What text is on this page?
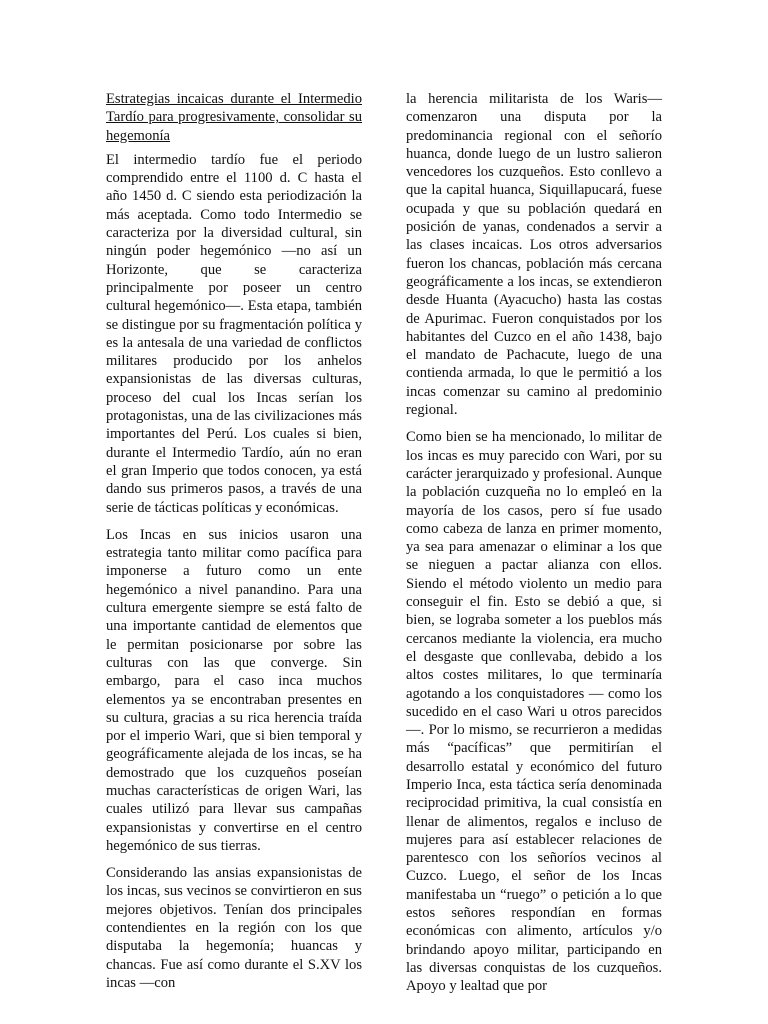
Estrategias incaicas durante el Intermedio Tardío para progresivamente, consolidar su hegemonía

El intermedio tardío fue el periodo comprendido entre el 1100 d. C hasta el año 1450 d. C siendo esta periodización la más aceptada. Como todo Intermedio se caracteriza por la diversidad cultural, sin ningún poder hegemónico —no así un Horizonte, que se caracteriza principalmente por poseer un centro cultural hegemónico—. Esta etapa, también se distingue por su fragmentación política y es la antesala de una variedad de conflictos militares producido por los anhelos expansionistas de las diversas culturas, proceso del cual los Incas serían los protagonistas, una de las civilizaciones más importantes del Perú. Los cuales si bien, durante el Intermedio Tardío, aún no eran el gran Imperio que todos conocen, ya está dando sus primeros pasos, a través de una serie de tácticas políticas y económicas.

Los Incas en sus inicios usaron una estrategia tanto militar como pacífica para imponerse a futuro como un ente hegemónico a nivel panandino. Para una cultura emergente siempre se está falto de una importante cantidad de elementos que le permitan posicionarse por sobre las culturas con las que converge. Sin embargo, para el caso inca muchos elementos ya se encontraban presentes en su cultura, gracias a su rica herencia traída por el imperio Wari, que si bien temporal y geográficamente alejada de los incas, se ha demostrado que los cuzqueños poseían muchas características de origen Wari, las cuales utilizó para llevar sus campañas expansionistas y convertirse en el centro hegemónico de sus tierras.

Considerando las ansias expansionistas de los incas, sus vecinos se convirtieron en sus mejores objetivos. Tenían dos principales contendientes en la región con los que disputaba la hegemonía; huancas y chancas. Fue así como durante el S.XV los incas —con

la herencia militarista de los Waris— comenzaron una disputa por la predominancia regional con el señorío huanca, donde luego de un lustro salieron vencedores los cuzqueños. Esto conllevo a que la capital huanca, Siquillapucará, fuese ocupada y que su población quedará en posición de yanas, condenados a servir a las clases incaicas. Los otros adversarios fueron los chancas, población más cercana geográficamente a los incas, se extendieron desde Huanta (Ayacucho) hasta las costas de Apurimac. Fueron conquistados por los habitantes del Cuzco en el año 1438, bajo el mandato de Pachacute, luego de una contienda armada, lo que le permitió a los incas comenzar su camino al predominio regional.

Como bien se ha mencionado, lo militar de los incas es muy parecido con Wari, por su carácter jerarquizado y profesional. Aunque la población cuzqueña no lo empleó en la mayoría de los casos, pero sí fue usado como cabeza de lanza en primer momento, ya sea para amenazar o eliminar a los que se nieguen a pactar alianza con ellos. Siendo el método violento un medio para conseguir el fin. Esto se debió a que, si bien, se lograba someter a los pueblos más cercanos mediante la violencia, era mucho el desgaste que conllevaba, debido a los altos costes militares, lo que terminaría agotando a los conquistadores — como los sucedido en el caso Wari u otros parecidos—. Por lo mismo, se recurrieron a medidas más “pacíficas” que permitirían el desarrollo estatal y económico del futuro Imperio Inca, esta táctica sería denominada reciprocidad primitiva, la cual consistía en llenar de alimentos, regalos e incluso de mujeres para así establecer relaciones de parentesco con los señoríos vecinos al Cuzco. Luego, el señor de los Incas manifestaba un “ruego” o petición a lo que estos señores respondían en formas económicas con alimento, artículos y/o brindando apoyo militar, participando en las diversas conquistas de los cuzqueños. Apoyo y lealtad que por
